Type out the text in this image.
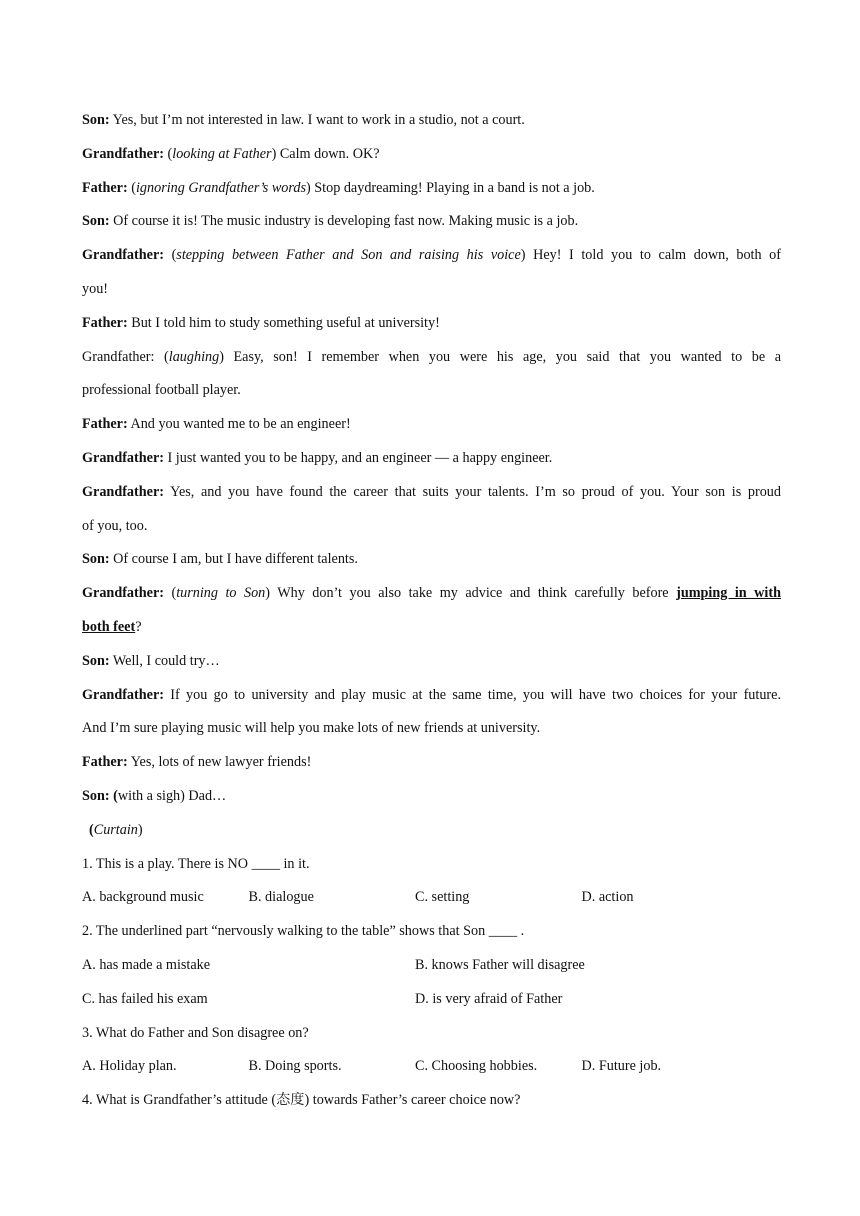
Son: Yes, but I’m not interested in law. I want to work in a studio, not a court.
Grandfather: (looking at Father) Calm down. OK?
Father: (ignoring Grandfather’s words) Stop daydreaming! Playing in a band is not a job.
Son: Of course it is! The music industry is developing fast now. Making music is a job.
Grandfather: (stepping between Father and Son and raising his voice) Hey! I told you to calm down, both of
you!
Father: But I told him to study something useful at university!
Grandfather: (laughing) Easy, son! I remember when you were his age, you said that you wanted to be a
professional football player.
Father: And you wanted me to be an engineer!
Grandfather: I just wanted you to be happy, and an engineer — a happy engineer.
Grandfather: Yes, and you have found the career that suits your talents. I’m so proud of you. Your son is proud
of you, too.
Son: Of course I am, but I have different talents.
Grandfather: (turning to Son) Why don’t you also take my advice and think carefully before jumping in with
both feet?
Son: Well, I could try…
Grandfather: If you go to university and play music at the same time, you will have two choices for your future.
And I’m sure playing music will help you make lots of new friends at university.
Father: Yes, lots of new lawyer friends!
Son: (with a sigh) Dad…
(Curtain)
1. This is a play. There is NO ____ in it.
A. background music	B. dialogue	C. setting	D. action
2. The underlined part “nervously walking to the table” shows that Son ____ .
A. has made a mistake	B. knows Father will disagree
C. has failed his exam	D. is very afraid of Father
3. What do Father and Son disagree on?
A. Holiday plan.	B. Doing sports.	C. Choosing hobbies.	D. Future job.
4. What is Grandfather’s attitude (态度) towards Father’s career choice now?
